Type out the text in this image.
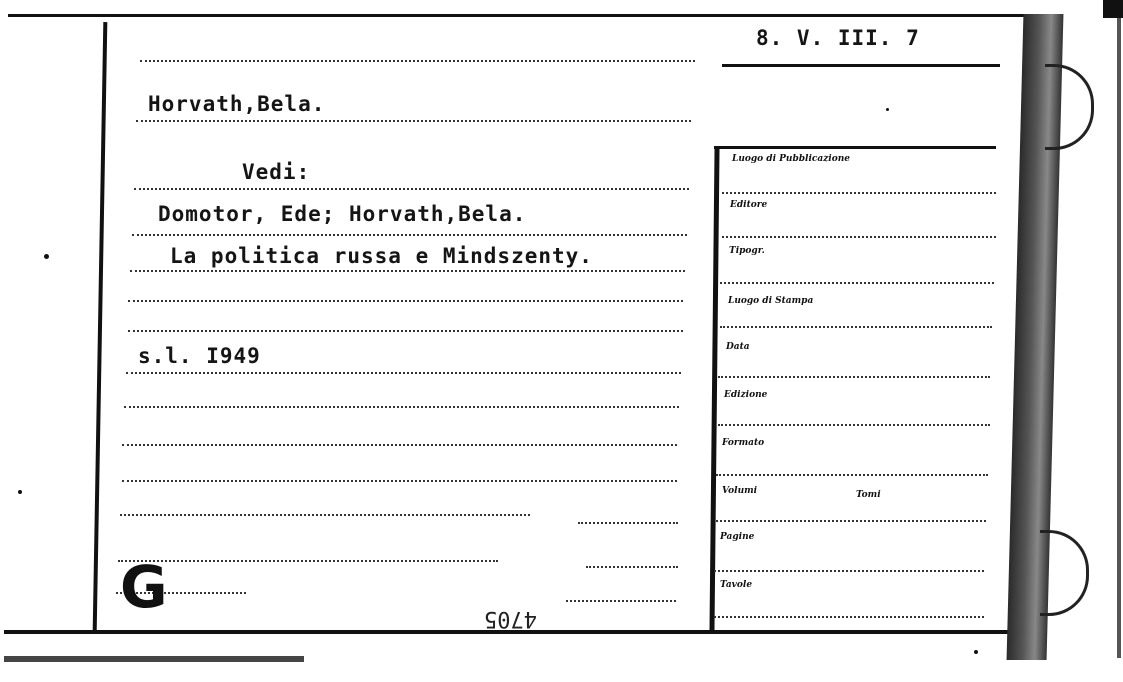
8. V. III. 7
Horvath,Bela.
Vedi:
Domotor, Ede; Horvath,Bela.
La politica russa e Mindszenty.
s.l. I949
Luogo di Pubblicazione
Editore
Tipogr.
Luogo di Stampa
Data
Edizione
Formato
Volumi	Tomi
Pagine
Tavole
G	4705
